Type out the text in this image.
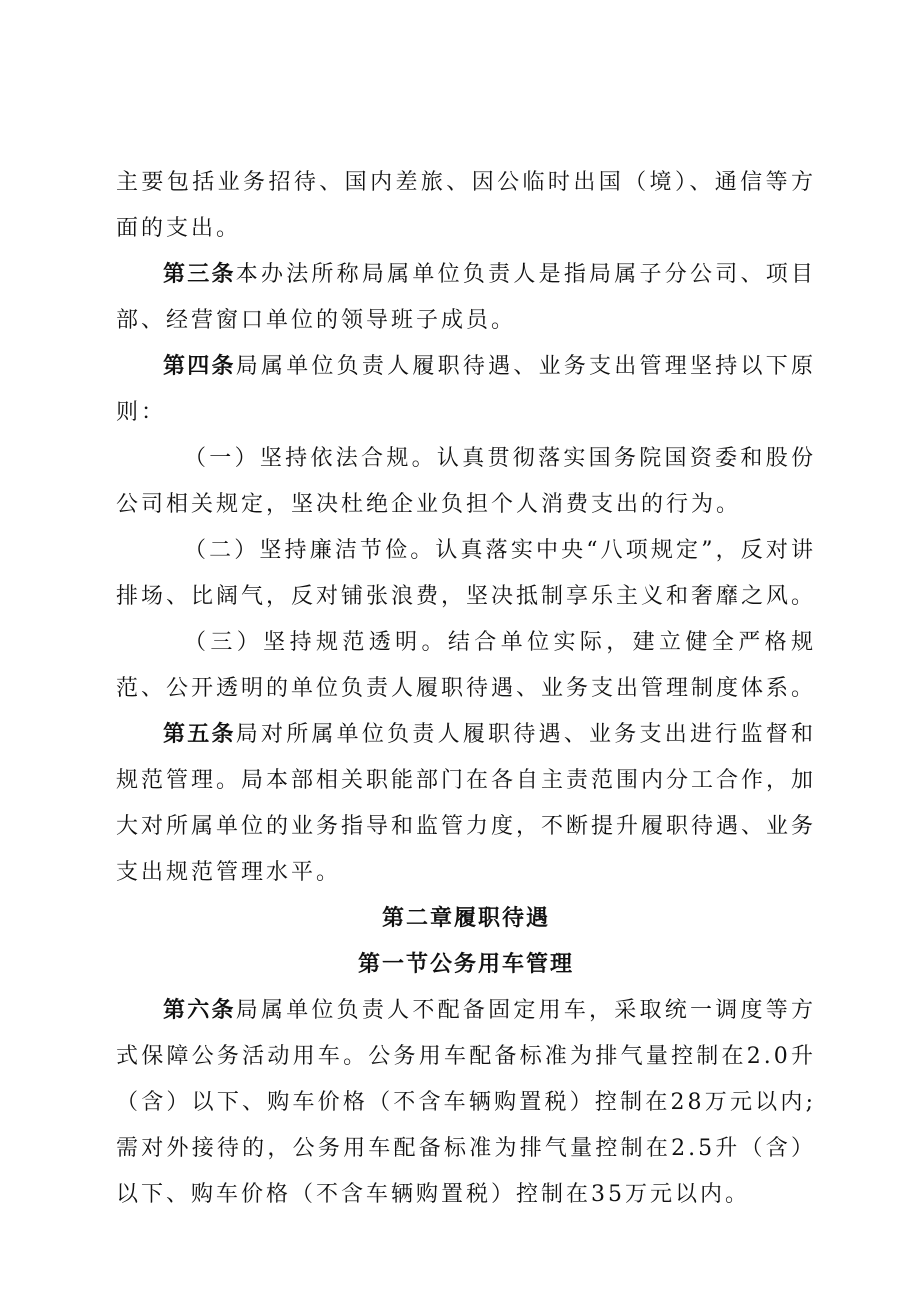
主要包括业务招待、国内差旅、因公临时出国（境）、通信等方面的支出。

第三条本办法所称局属单位负责人是指局属子分公司、项目部、经营窗口单位的领导班子成员。

第四条局属单位负责人履职待遇、业务支出管理坚持以下原则：

（一）坚持依法合规。认真贯彻落实国务院国资委和股份公司相关规定，坚决杜绝企业负担个人消费支出的行为。

（二）坚持廉洁节俭。认真落实中央“八项规定”，反对讲排场、比阔气，反对铺张浪费，坚决抵制享乐主义和奢靡之风。

（三）坚持规范透明。结合单位实际，建立健全严格规范、公开透明的单位负责人履职待遇、业务支出管理制度体系。

第五条局对所属单位负责人履职待遇、业务支出进行监督和规范管理。局本部相关职能部门在各自主责范围内分工合作，加大对所属单位的业务指导和监管力度，不断提升履职待遇、业务支出规范管理水平。

第二章履职待遇

第一节公务用车管理

第六条局属单位负责人不配备固定用车，采取统一调度等方式保障公务活动用车。公务用车配备标准为排气量控制在2.0升（含）以下、购车价格（不含车辆购置税）控制在28万元以内;需对外接待的，公务用车配备标准为排气量控制在2.5升（含）以下、购车价格（不含车辆购置税）控制在35万元以内。
